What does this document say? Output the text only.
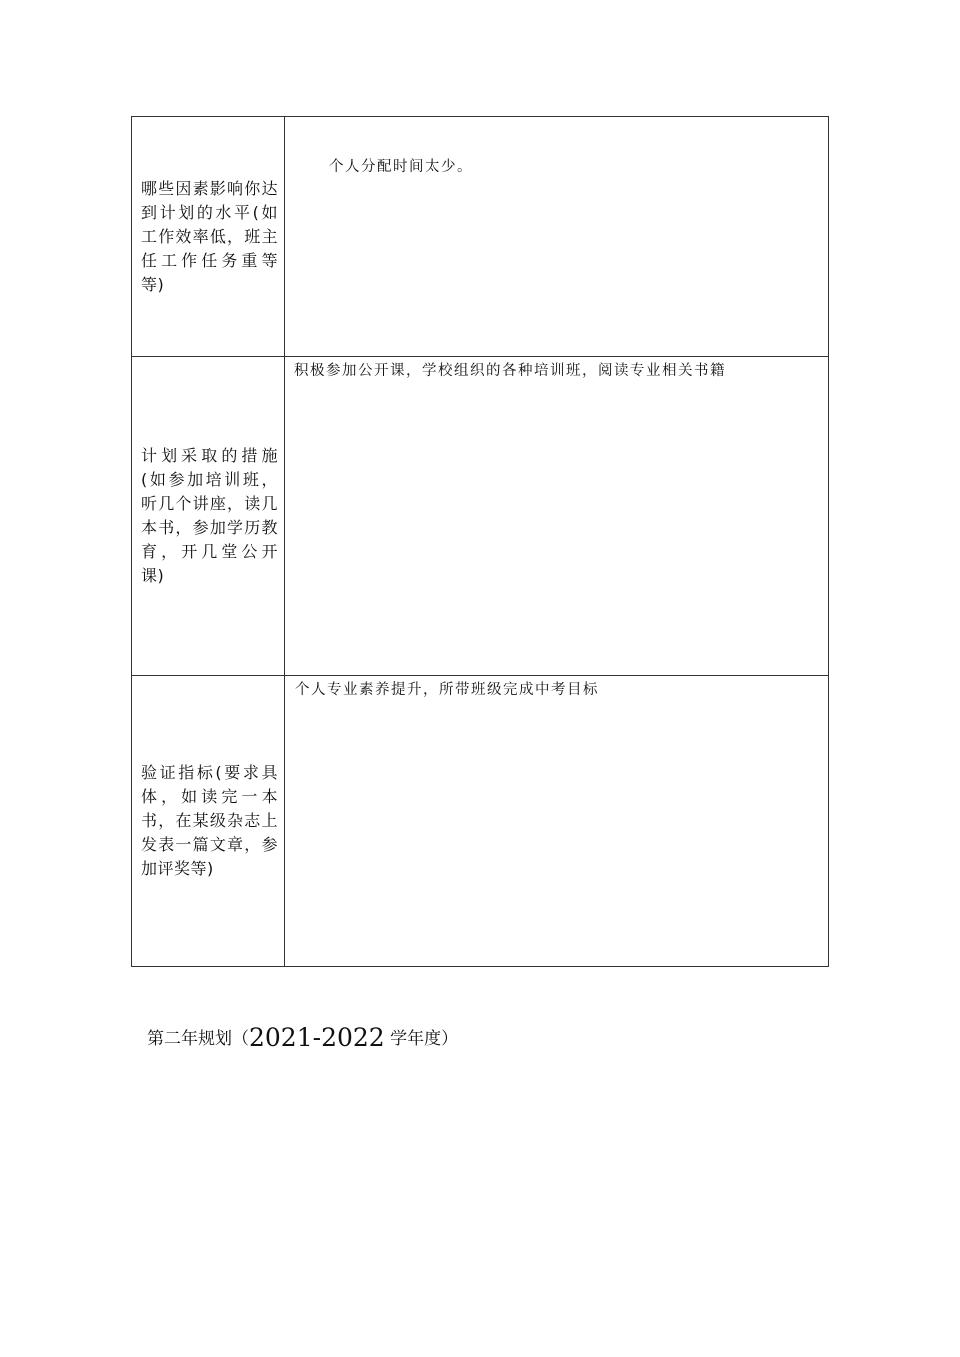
哪些因素影响你达到计划的水平(如工作效率低，班主任工作任务重等等)	个人分配时间太少。
计划采取的措施(如参加培训班，听几个讲座，读几本书，参加学历教育，开几堂公开课)	积极参加公开课，学校组织的各种培训班，阅读专业相关书籍
验证指标(要求具体，如读完一本书，在某级杂志上发表一篇文章，参加评奖等)	个人专业素养提升，所带班级完成中考目标
第二年规划（2021-2022 学年度）
